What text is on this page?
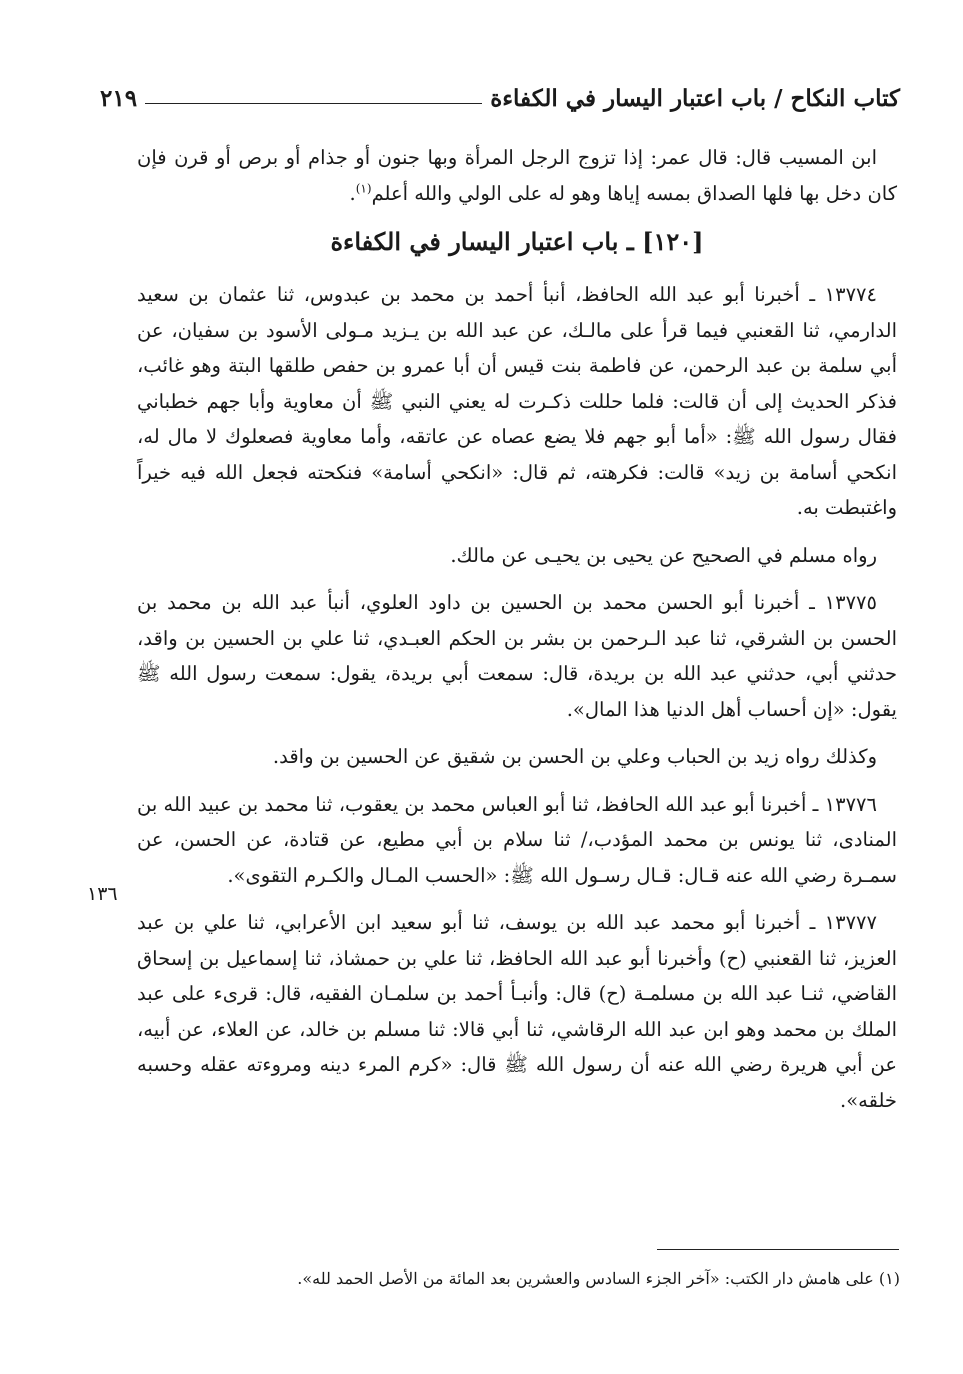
كتاب النكاح / باب اعتبار اليسار في الكفاءة
٢١٩

ابن المسيب قال: قال عمر: إذا تزوج الرجل المرأة وبها جنون أو جذام أو برص أو قرن فإن كان دخل بها فلها الصداق بمسه إياها وهو له على الولي والله أعلم$^{(١)}$.

[١٢٠] ـ باب اعتبار اليسار في الكفاءة

١٣٧٧٤ ـ أخبرنا أبو عبد الله الحافظ، أنبأ أحمد بن محمد بن عبدوس، ثنا عثمان بن سعيد الدارمي، ثنا القعنبي فيما قرأ على مالـك، عن عبد الله بن يـزيد مـولى الأسود بن سفيان، عن أبي سلمة بن عبد الرحمن، عن فاطمة بنت قيس أن أبا عمرو بن حفص طلقها البتة وهو غائب، فذكر الحديث إلى أن قالت: فلما حللت ذكـرت له يعني النبي ﷺ أن معاوية وأبا جهم خطباني فقال رسول الله ﷺ: «أما أبو جهم فلا يضع عصاه عن عاتقه، وأما معاوية فصعلوك لا مال له، انكحي أسامة بن زيد» قالت: فكرهته، ثم قال: «انكحي أسامة» فنكحته فجعل الله فيه خيراً واغتبطت به.

رواه مسلم في الصحيح عن يحيى بن يحيـى عن مالك.

١٣٧٧٥ ـ أخبرنا أبو الحسن محمد بن الحسين بن داود العلوي، أنبأ عبد الله بن محمد بن الحسن بن الشرقي، ثنا عبد الـرحمن بن بشر بن الحكم العبـدي، ثنا علي بن الحسين بن واقد، حدثني أبي، حدثني عبد الله بن بريدة، قال: سمعت أبي بريدة، يقول: سمعت رسول الله ﷺ يقول: «إن أحساب أهل الدنيا هذا المال».

وكذلك رواه زيد بن الحباب وعلي بن الحسن بن شقيق عن الحسين بن واقد.

١٣٧٧٦ ـ أخبرنا أبو عبد الله الحافظ، ثنا أبو العباس محمد بن يعقوب، ثنا محمد بن عبيد الله بن المنادى، ثنا يونس بن محمد المؤدب،/ ثنا سلام بن أبي مطيع، عن قتادة، عن الحسن، عن سمـرة رضي الله عنه قـال: قـال رسـول الله ﷺ: «الحسب المـال والكـرم التقوى».

١٣٧٧٧ ـ أخبرنا أبو محمد عبد الله بن يوسف، ثنا أبو سعيد ابن الأعرابي، ثنا علي بن عبد العزيز، ثنا القعنبي (ح) وأخبرنا أبو عبد الله الحافظ، ثنا علي بن حمشاذ، ثنا إسماعيل بن إسحاق القاضي، ثنـا عبد الله بن مسلمـة (ح) قال: وأنبـأ أحمد بن سلمـان الفقيه، قال: قرىء على عبد الملك بن محمد وهو ابن عبد الله الرقاشي، ثنا أبي قالا: ثنا مسلم بن خالد، عن العلاء، عن أبيه، عن أبي هريرة رضي الله عنه أن رسول الله ﷺ قال: «كرم المرء دينه ومروءته عقله وحسبه خلقه».

١٣٦
(١) على هامش دار الكتب: «آخر الجزء السادس والعشرين بعد المائة من الأصل الحمد لله».
